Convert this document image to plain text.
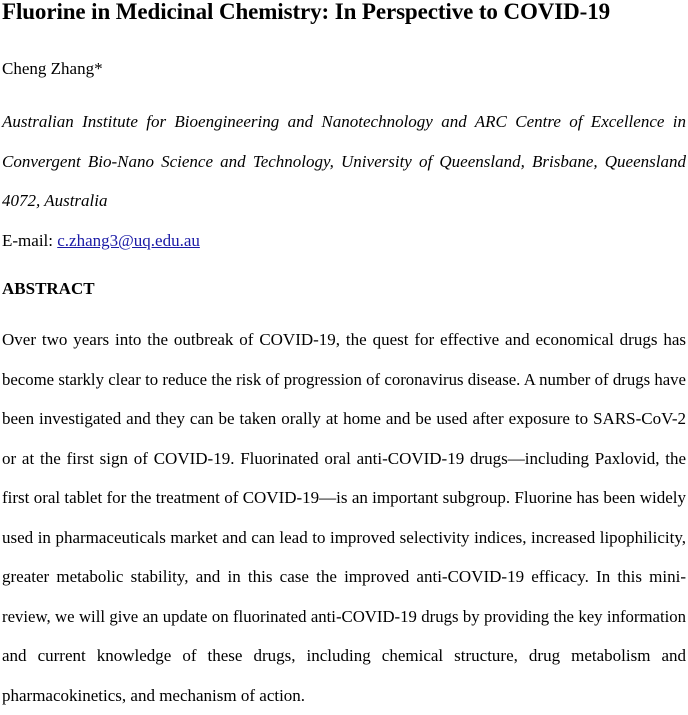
Fluorine in Medicinal Chemistry: In Perspective to COVID-19
Cheng Zhang*
Australian Institute for Bioengineering and Nanotechnology and ARC Centre of Excellence in
Convergent Bio-Nano Science and Technology, University of Queensland, Brisbane, Queensland
4072, Australia
E-mail: c.zhang3@uq.edu.au
ABSTRACT
Over two years into the outbreak of COVID-19, the quest for effective and economical drugs has
become starkly clear to reduce the risk of progression of coronavirus disease. A number of drugs have
been investigated and they can be taken orally at home and be used after exposure to SARS-CoV-2
or at the first sign of COVID-19. Fluorinated oral anti-COVID-19 drugs—including Paxlovid, the
first oral tablet for the treatment of COVID-19—is an important subgroup. Fluorine has been widely
used in pharmaceuticals market and can lead to improved selectivity indices, increased lipophilicity,
greater metabolic stability, and in this case the improved anti-COVID-19 efficacy. In this mini-
review, we will give an update on fluorinated anti-COVID-19 drugs by providing the key information
and current knowledge of these drugs, including chemical structure, drug metabolism and
pharmacokinetics, and mechanism of action.
